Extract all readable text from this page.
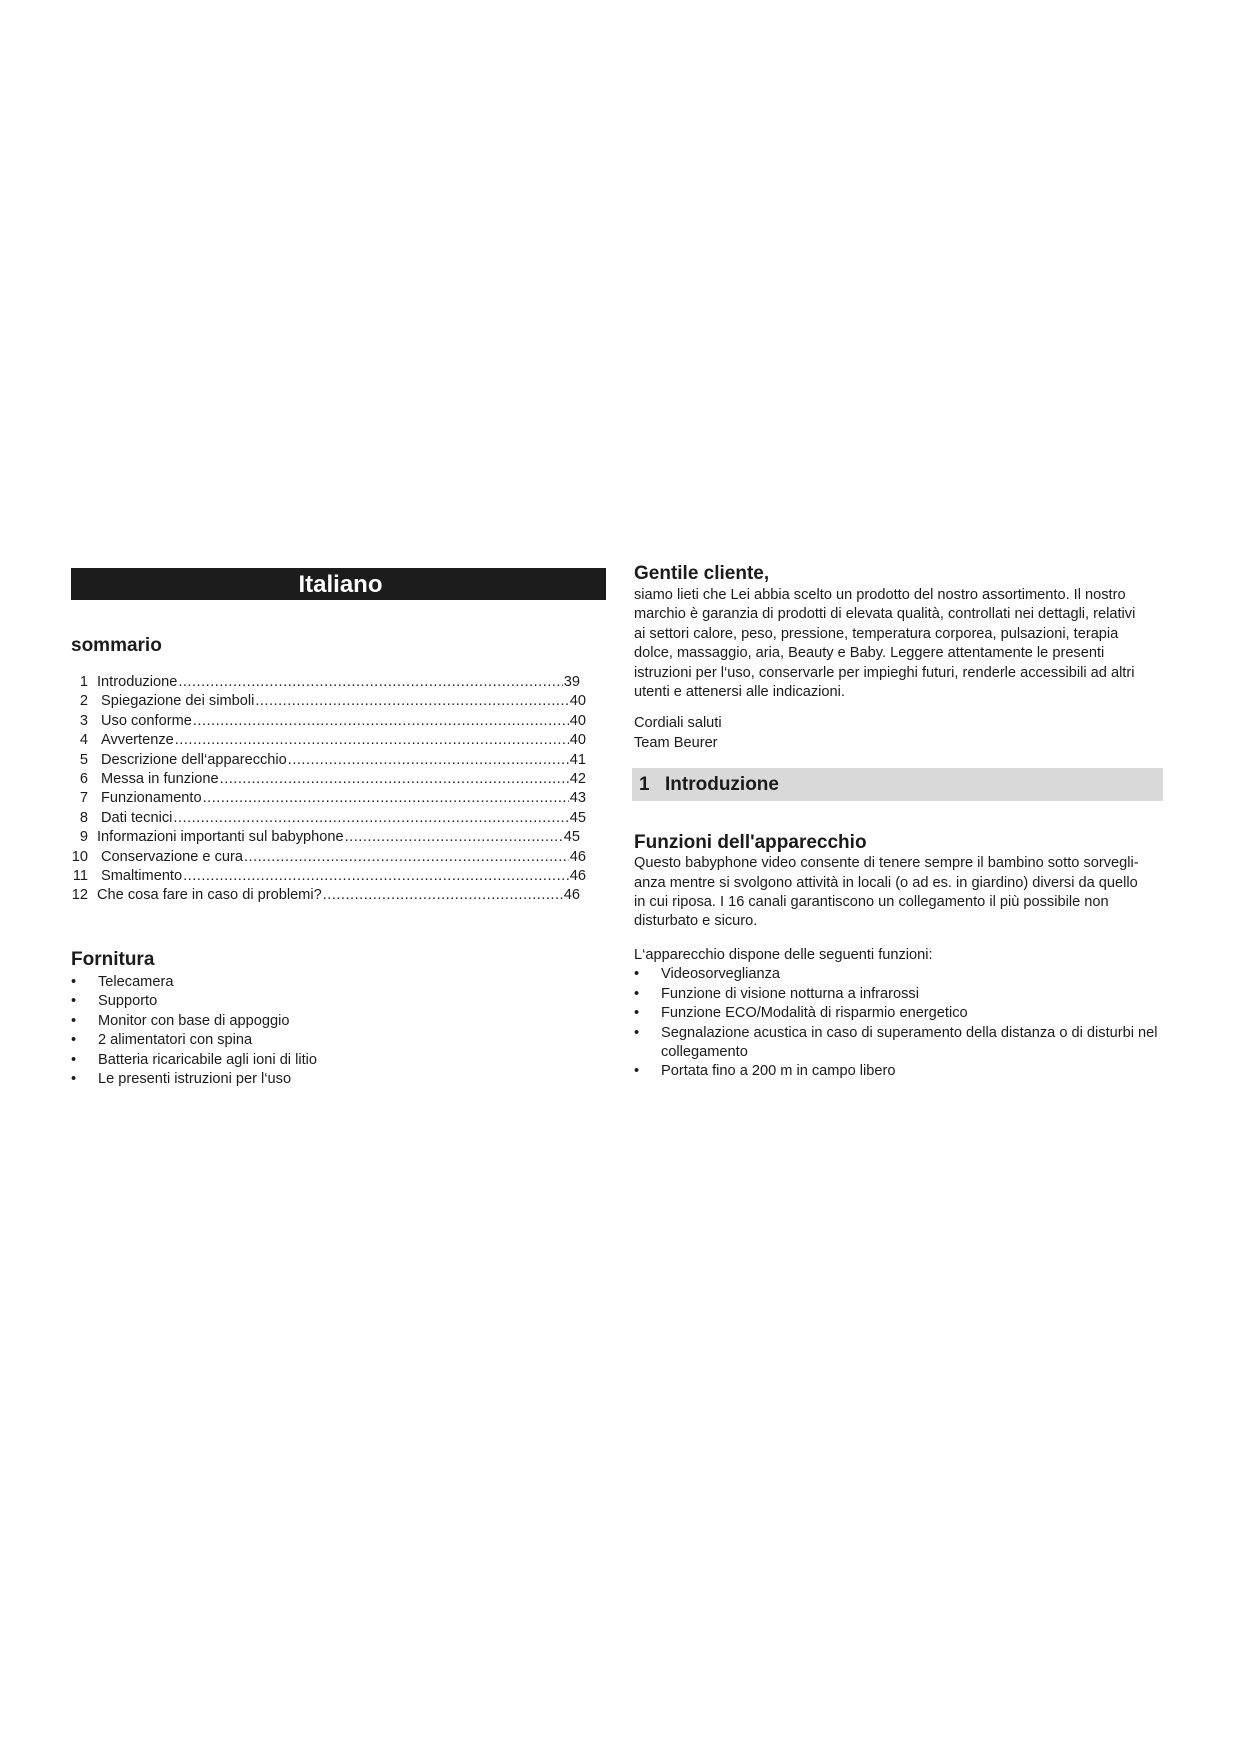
Italiano
sommario
1 Introduzione .....	39
2 Spiegazione dei simboli .....	40
3 Uso conforme .....	40
4 Avvertenze .....	40
5 Descrizione dell‘apparecchio .....	41
6 Messa in funzione .....	42
7 Funzionamento .....	43
8 Dati tecnici .....	45
9 Informazioni importanti sul babyphone .....	45
10 Conservazione e cura .....	46
11 Smaltimento .....	46
12 Che cosa fare in caso di problemi? .....	46
Fornitura
• Telecamera
• Supporto
• Monitor con base di appoggio
• 2 alimentatori con spina
• Batteria ricaricabile agli ioni di litio
• Le presenti istruzioni per l‘uso
Gentile cliente,

siamo lieti che Lei abbia scelto un prodotto del nostro assortimento. Il nostro

marchio è garanzia di prodotti di elevata qualità, controllati nei dettagli, relativi

ai settori calore, peso, pressione, temperatura corporea, pulsazioni, terapia

dolce, massaggio, aria, Beauty e Baby. Leggere attentamente le presenti

istruzioni per l‘uso, conservarle per impieghi futuri, renderle accessibili ad altri

utenti e attenersi alle indicazioni.

Cordiali saluti
Team Beurer
1 Introduzione
Funzioni dell'apparecchio

Questo babyphone video consente di tenere sempre il bambino sotto sorvegli-

anza mentre si svolgono attività in locali (o ad es. in giardino) diversi da quello

in cui riposa. I 16 canali garantiscono un collegamento il più possibile non

disturbato e sicuro.

L‘apparecchio dispone delle seguenti funzioni:

• Videosorveglianza
• Funzione di visione notturna a infrarossi
• Funzione ECO/Modalità di risparmio energetico
• Segnalazione acustica in caso di superamento della distanza o di disturbi nel collegamento
• Portata fino a 200 m in campo libero
